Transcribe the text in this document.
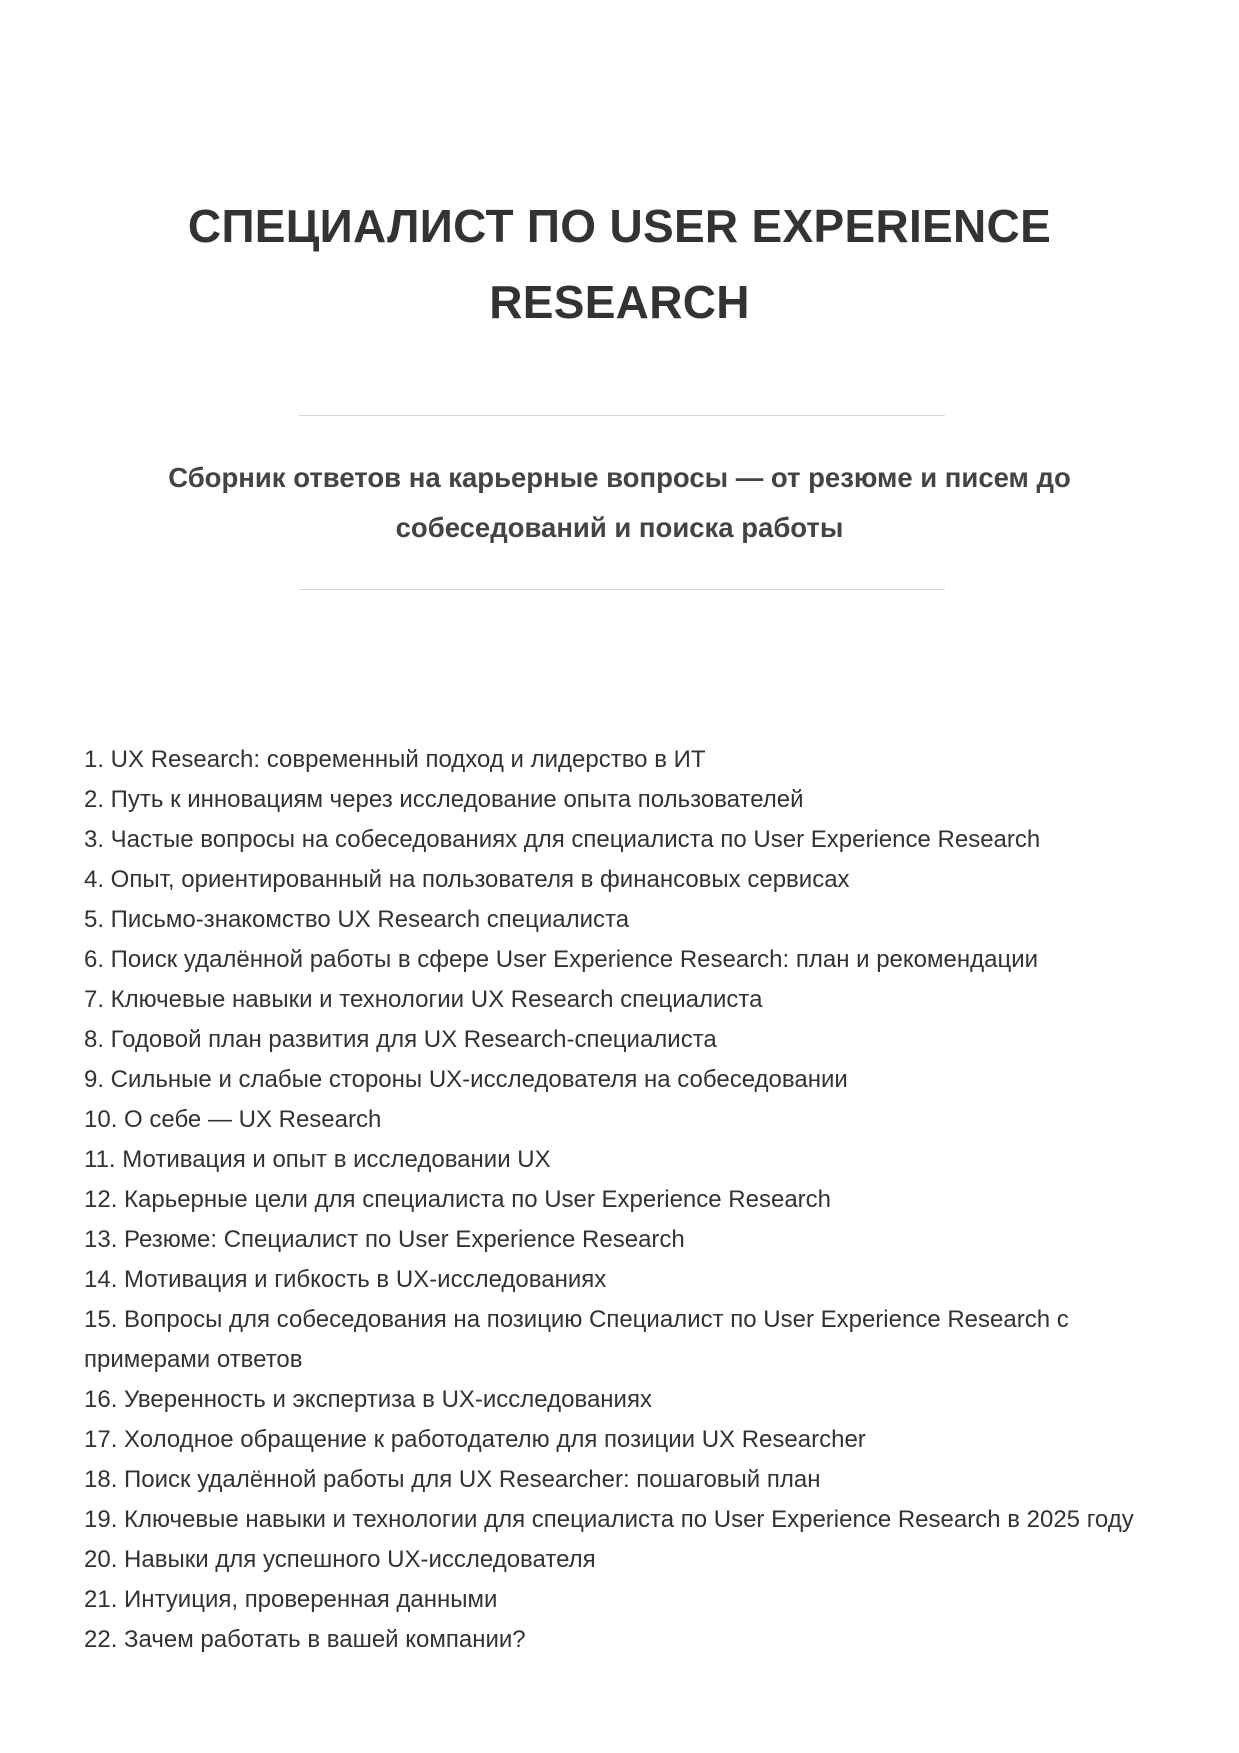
СПЕЦИАЛИСТ ПО USER EXPERIENCE RESEARCH
Сборник ответов на карьерные вопросы — от резюме и писем до собеседований и поиска работы
1. UX Research: современный подход и лидерство в ИТ
2. Путь к инновациям через исследование опыта пользователей
3. Частые вопросы на собеседованиях для специалиста по User Experience Research
4. Опыт, ориентированный на пользователя в финансовых сервисах
5. Письмо-знакомство UX Research специалиста
6. Поиск удалённой работы в сфере User Experience Research: план и рекомендации
7. Ключевые навыки и технологии UX Research специалиста
8. Годовой план развития для UX Research-специалиста
9. Сильные и слабые стороны UX-исследователя на собеседовании
10. О себе — UX Research
11. Мотивация и опыт в исследовании UX
12. Карьерные цели для специалиста по User Experience Research
13. Резюме: Специалист по User Experience Research
14. Мотивация и гибкость в UX-исследованиях
15. Вопросы для собеседования на позицию Специалист по User Experience Research с примерами ответов
16. Уверенность и экспертиза в UX-исследованиях
17. Холодное обращение к работодателю для позиции UX Researcher
18. Поиск удалённой работы для UX Researcher: пошаговый план
19. Ключевые навыки и технологии для специалиста по User Experience Research в 2025 году
20. Навыки для успешного UX-исследователя
21. Интуиция, проверенная данными
22. Зачем работать в вашей компании?
